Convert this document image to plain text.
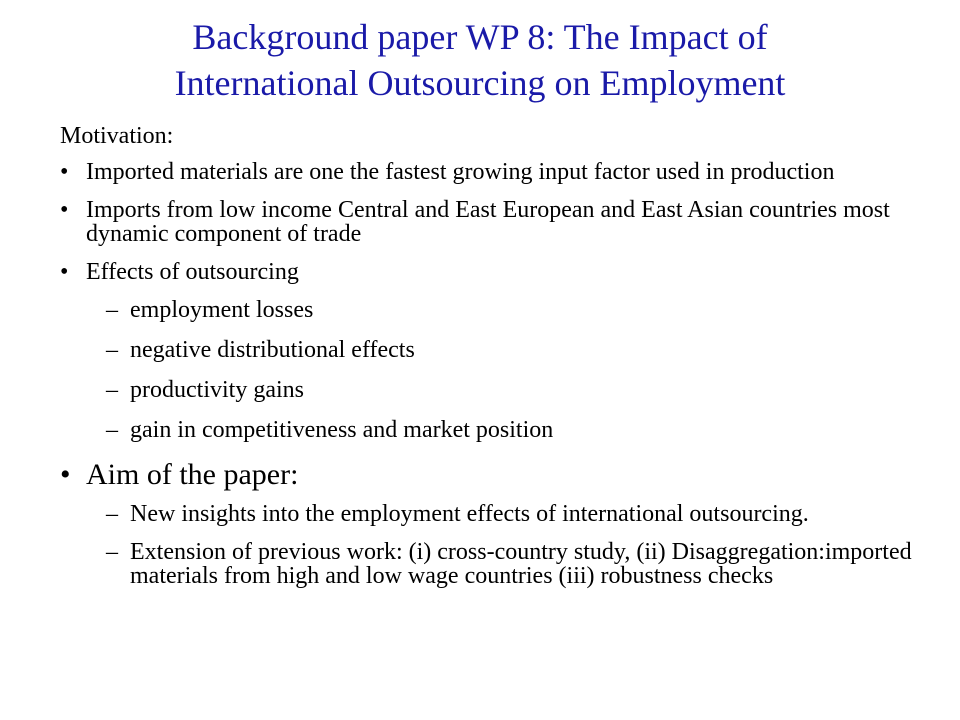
Background paper WP 8: The Impact of
International Outsourcing on Employment
Motivation:
• Imported materials are one the fastest growing input factor used in production
• Imports from low income Central and East European and East Asian countries most dynamic component of trade
• Effects of outsourcing
– employment losses
– negative distributional effects
– productivity gains
– gain in competitiveness and market position
• Aim of the paper:
– New insights into the employment effects of international outsourcing.
– Extension of previous work: (i) cross-country study, (ii) Disaggregation:imported materials from high and low wage countries (iii) robustness checks
